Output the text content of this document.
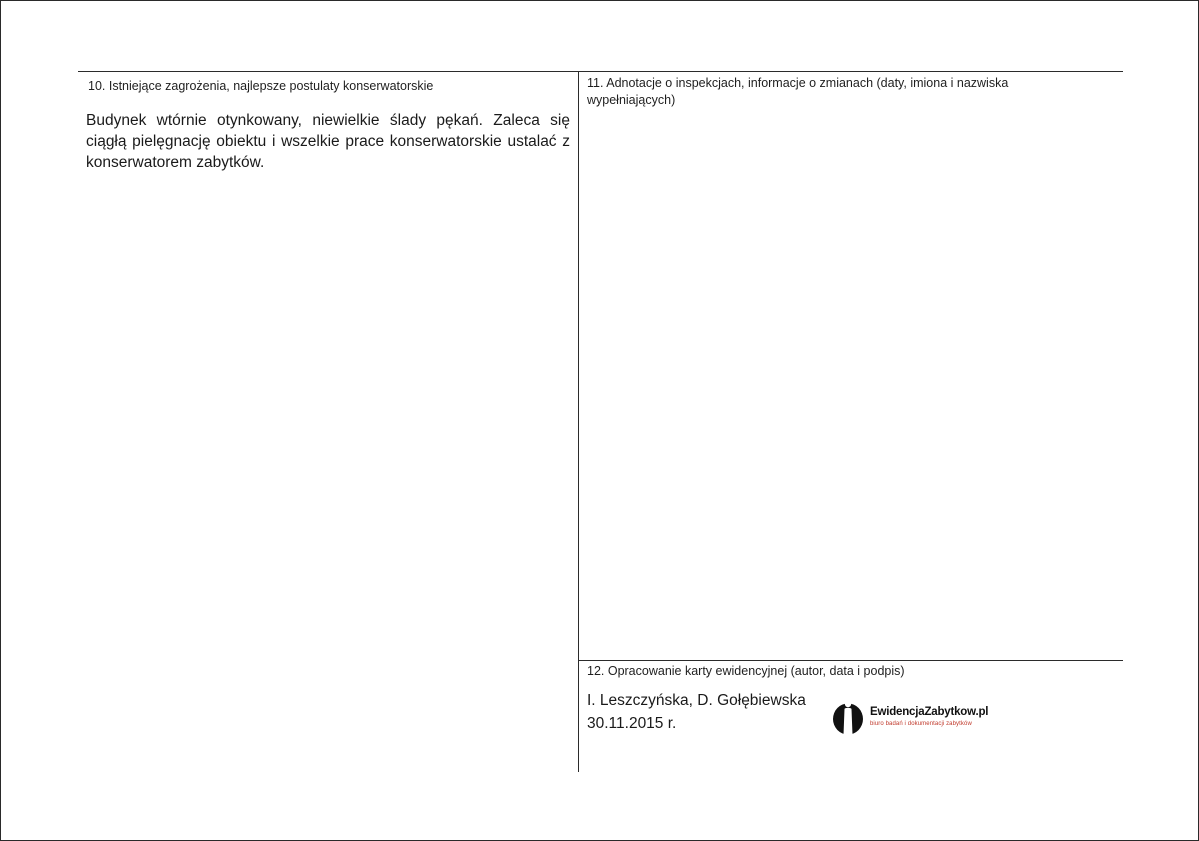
10. Istniejące zagrożenia, najlepsze postulaty konserwatorskie
Budynek wtórnie otynkowany, niewielkie ślady pękań. Zaleca się ciągłą pielęgnację obiektu i wszelkie prace konserwatorskie ustalać z konserwatorem zabytków.
11. Adnotacje o inspekcjach, informacje o zmianach (daty, imiona i nazwiska wypełniających)
12. Opracowanie karty ewidencyjnej (autor, data i podpis)
I. Leszczyńska, D. Gołębiewska
30.11.2015 r.
EwidencjaZabytkow.pl
biuro badań i dokumentacji zabytków
